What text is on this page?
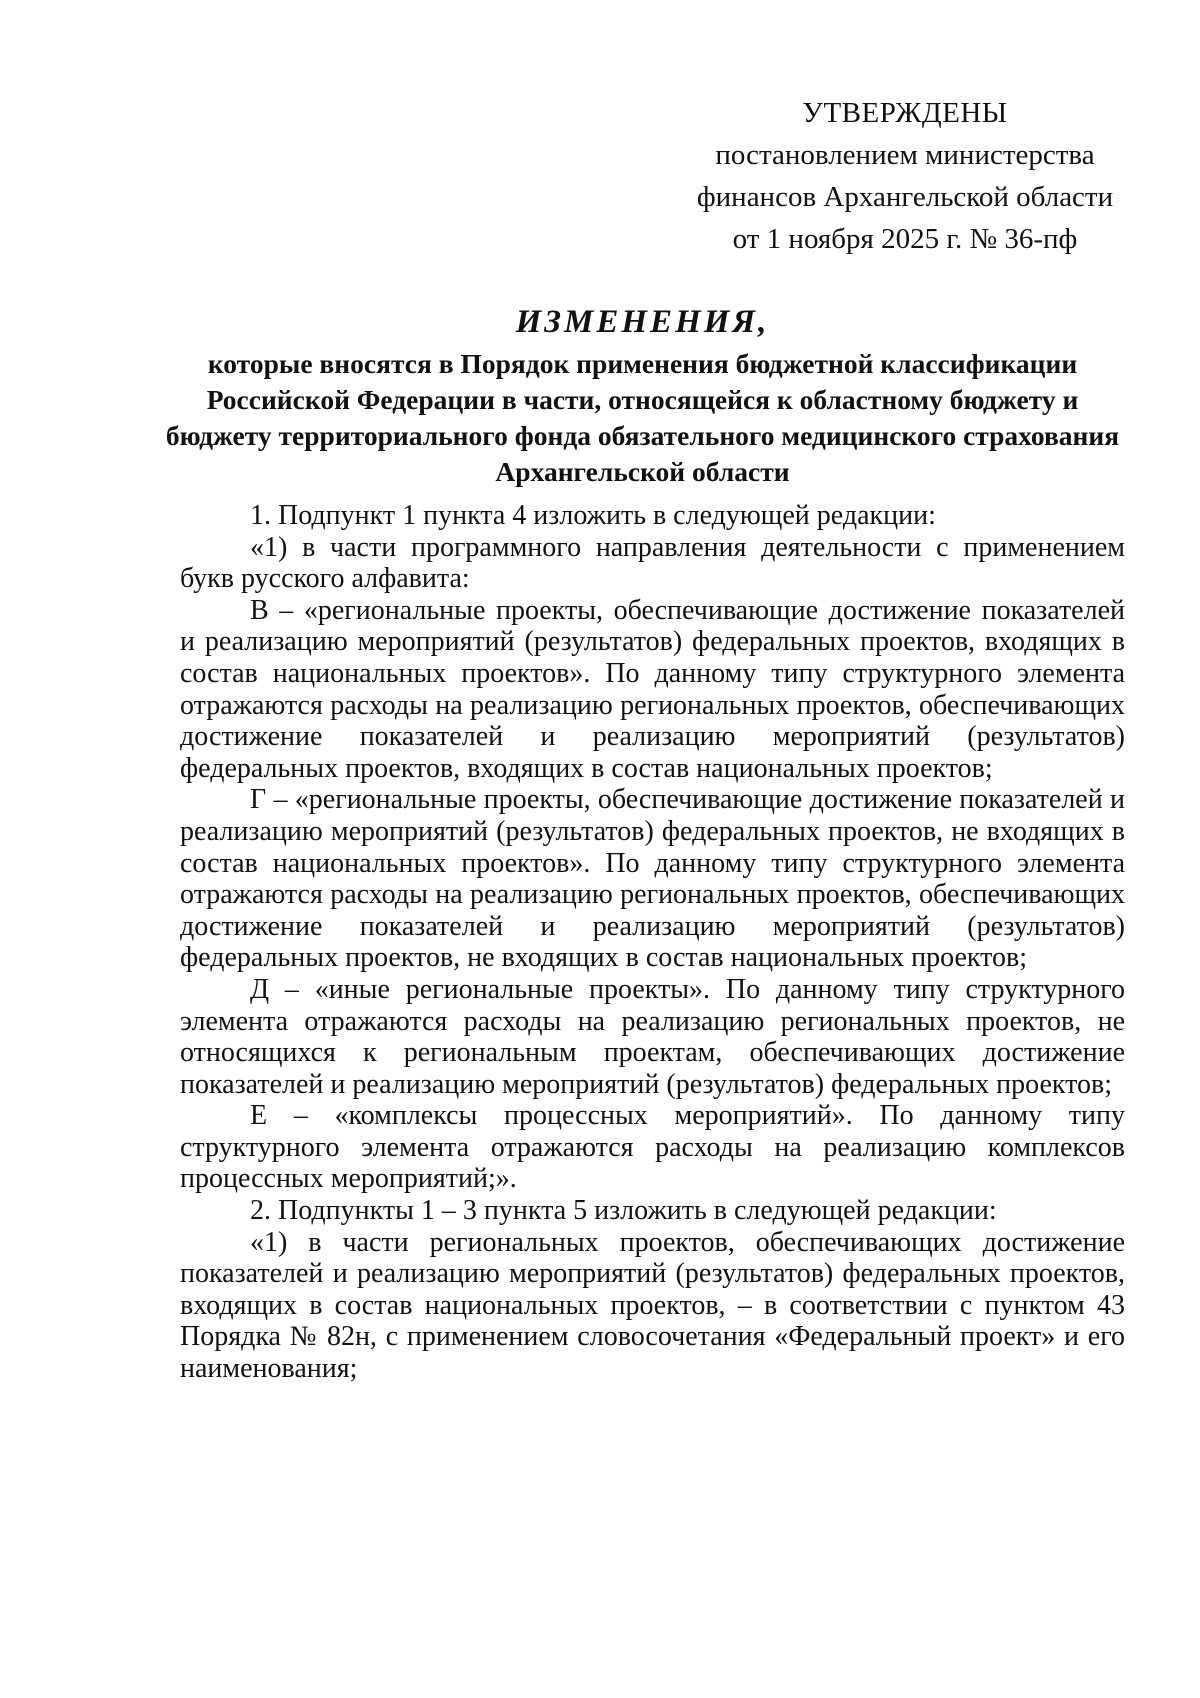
УТВЕРЖДЕНЫ
постановлением министерства
финансов Архангельской области
от 1 ноября 2025 г. № 36-пф
ИЗМЕНЕНИЯ,
которые вносятся в Порядок применения бюджетной классификации Российской Федерации в части, относящейся к областному бюджету и бюджету территориального фонда обязательного медицинского страхования Архангельской области

1. Подпункт 1 пункта 4 изложить в следующей редакции:

«1) в части программного направления деятельности с применением букв русского алфавита:

В – «региональные проекты, обеспечивающие достижение показателей и реализацию мероприятий (результатов) федеральных проектов, входящих в состав национальных проектов». По данному типу структурного элемента отражаются расходы на реализацию региональных проектов, обеспечивающих достижение показателей и реализацию мероприятий (результатов) федеральных проектов, входящих в состав национальных проектов;

Г – «региональные проекты, обеспечивающие достижение показателей и реализацию мероприятий (результатов) федеральных проектов, не входящих в состав национальных проектов». По данному типу структурного элемента отражаются расходы на реализацию региональных проектов, обеспечивающих достижение показателей и реализацию мероприятий (результатов) федеральных проектов, не входящих в состав национальных проектов;

Д – «иные региональные проекты». По данному типу структурного элемента отражаются расходы на реализацию региональных проектов, не относящихся к региональным проектам, обеспечивающих достижение показателей и реализацию мероприятий (результатов) федеральных проектов;

Е – «комплексы процессных мероприятий». По данному типу структурного элемента отражаются расходы на реализацию комплексов процессных мероприятий;».

2. Подпункты 1 – 3 пункта 5 изложить в следующей редакции:

«1) в части региональных проектов, обеспечивающих достижение показателей и реализацию мероприятий (результатов) федеральных проектов, входящих в состав национальных проектов, – в соответствии с пунктом 43 Порядка № 82н, с применением словосочетания «Федеральный проект» и его наименования;
